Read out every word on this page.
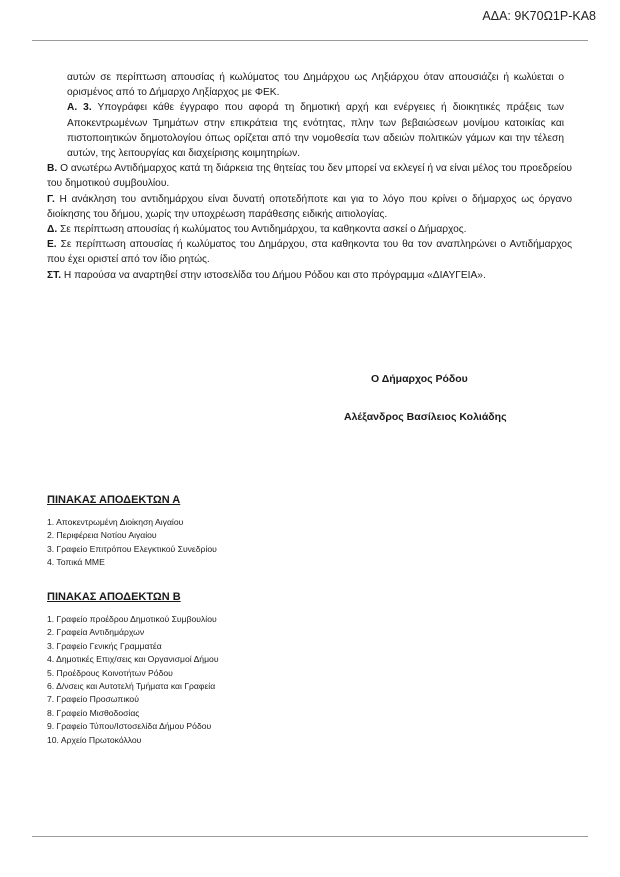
ΑΔΑ: 9Κ70Ω1Ρ-ΚΑ8

αυτών σε περίπτωση απουσίας ή κωλύματος του Δημάρχου ως Ληξιάρχου όταν απουσιάζει ή κωλύεται ο ορισμένος από το Δήμαρχο Ληξίαρχος με ΦΕΚ.

Α. 3. Υπογράφει κάθε έγγραφο που αφορά τη δημοτική αρχή και ενέργειες ή διοικητικές πράξεις των Αποκεντρωμένων Τμημάτων στην επικράτεια της ενότητας, πλην των βεβαιώσεων μονίμου κατοικίας και πιστοποιητικών δημοτολογίου όπως ορίζεται από την νομοθεσία των αδειών πολιτικών γάμων και την τέλεση αυτών, της λειτουργίας και διαχείρισης κοιμητηρίων.

Β. Ο ανωτέρω Αντιδήμαρχος κατά τη διάρκεια της θητείας του δεν μπορεί να εκλεγεί ή να είναι μέλος του προεδρείου του δημοτικού συμβουλίου.

Γ. Η ανάκληση του αντιδημάρχου είναι δυνατή οποτεδήποτε και για το λόγο που κρίνει ο δήμαρχος ως όργανο διοίκησης του δήμου, χωρίς την υποχρέωση παράθεσης ειδικής αιτιολογίας.

Δ. Σε περίπτωση απουσίας ή κωλύματος του Αντιδημάρχου, τα καθηκοντα ασκεί ο Δήμαρχος.

Ε. Σε περίπτωση απουσίας ή κωλύματος του Δημάρχου, στα καθηκοντα του θα τον αναπληρώνει ο Αντιδήμαρχος που έχει οριστεί από τον ίδιο ρητώς.

ΣΤ. Η παρούσα να αναρτηθεί στην ιστοσελίδα του Δήμου Ρόδου και στο πρόγραμμα «ΔΙΑΥΓΕΙΑ».

Ο Δήμαρχος Ρόδου
Αλέξανδρος Βασίλειος Κολιάδης
ΠΙΝΑΚΑΣ ΑΠΟΔΕΚΤΩΝ Α
1. Αποκεντρωμένη Διοίκηση Αιγαίου
2. Περιφέρεια Νοτίου Αιγαίου
3. Γραφείο Επιτρόπου Ελεγκτικού Συνεδρίου
4. Τοπικά ΜΜΕ
ΠΙΝΑΚΑΣ ΑΠΟΔΕΚΤΩΝ Β
1. Γραφείο προέδρου Δημοτικού Συμβουλίου
2. Γραφεία Αντιδημάρχων
3. Γραφείο Γενικής Γραμματέα
4. Δημοτικές Επιχ/σεις και Οργανισμοί Δήμου
5. Προέδρους Κοινοτήτων Ρόδου
6. Δ/νσεις και Αυτοτελή Τμήματα και Γραφεία
7. Γραφείο Προσωπικού
8. Γραφείο Μισθοδοσίας
9. Γραφείο Τύπου/Ιστοσελίδα Δήμου Ρόδου
10. Αρχείο Πρωτοκόλλου
